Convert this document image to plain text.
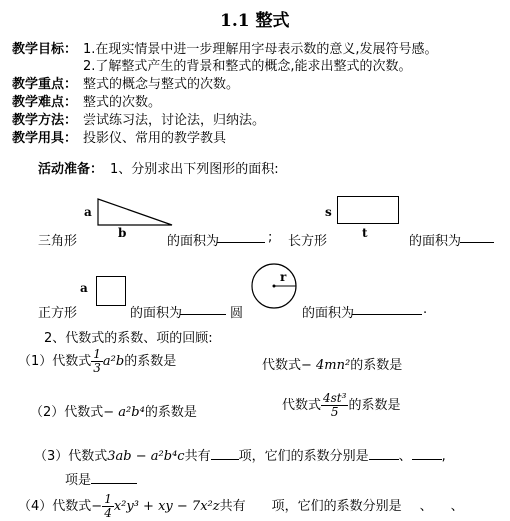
1.1 整式
教学目标： 1.在现实情景中进一步理解用字母表示数的意义,发展符号感。
2.了解整式产生的背景和整式的概念,能求出整式的次数。
教学重点： 整式的概念与整式的次数。
教学难点： 整式的次数。
教学方法： 尝试练习法，讨论法，归纳法。
教学用具： 投影仪、常用的教学教具
活动准备： 1、分别求出下列图形的面积:
a
b
三角形	的面积为	;
s
t
长方形	的面积为
a
正方形	的面积为	圆
r
的面积为	.
2、代数式的系数、项的回顾:
（1）代数式 $\frac{1}{3} a^2b$的系数是	代数式− 4mn²的系数是
（2）代数式− a²b⁴的系数是	代数式 $\frac{\text{4st³}}{5}$ 的系数是
（3）代数式3ab − a²b⁴c共有 项，它们的系数分别是 、 ,
项是
（4）代数式− $\frac{1}{4} x^2y^3$ + xy − 7x²z共有 项，它们的系数分别是 、 、
